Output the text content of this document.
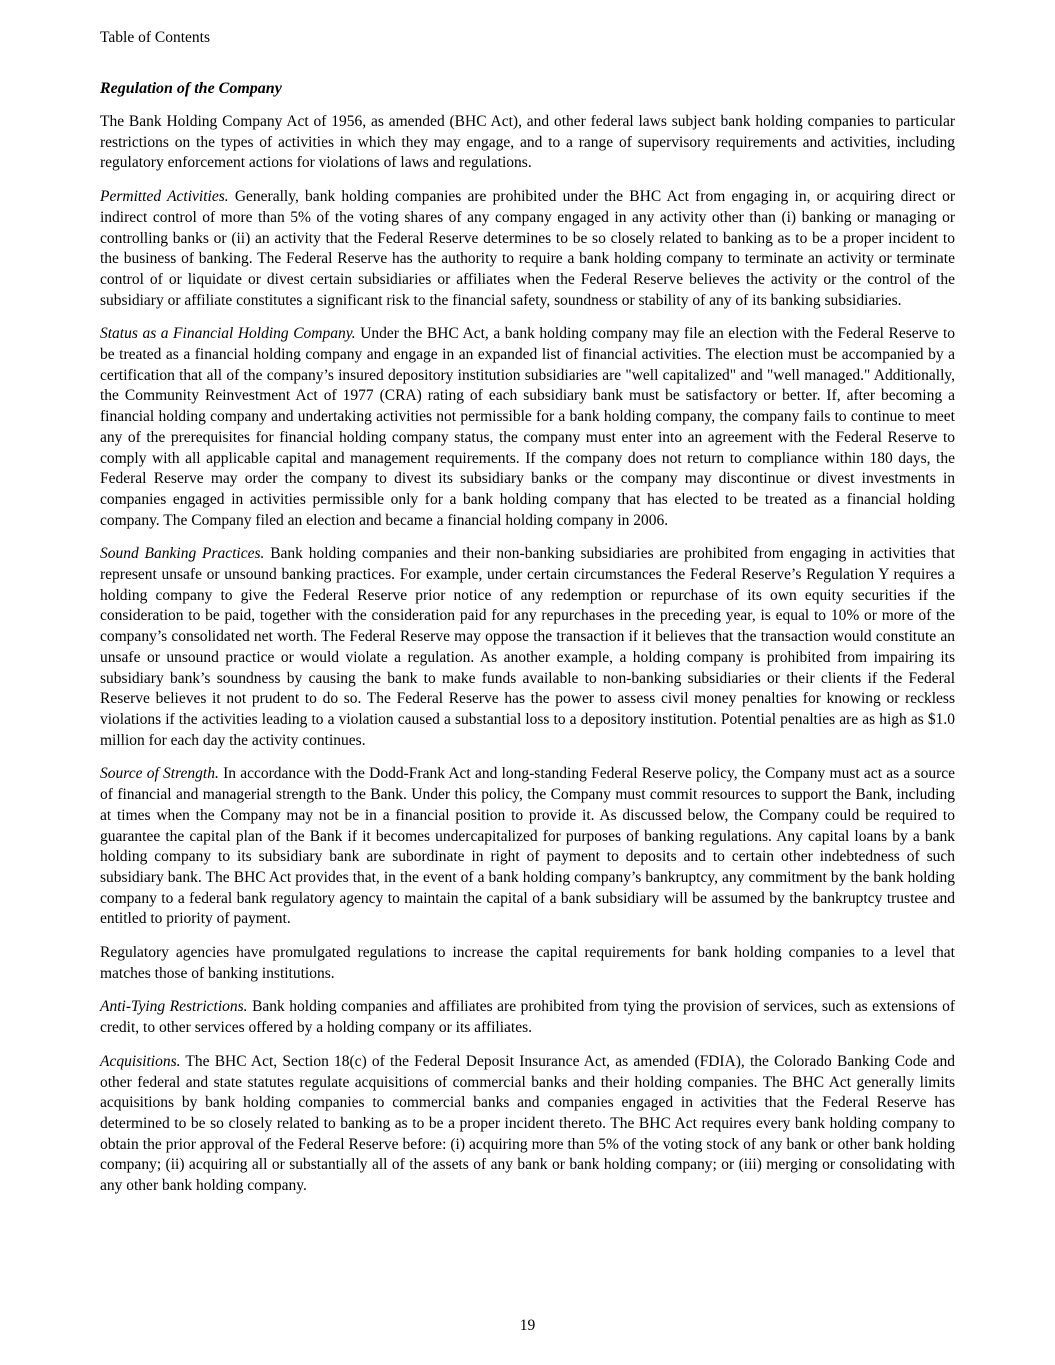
Table of Contents
Regulation of the Company

The Bank Holding Company Act of 1956, as amended (BHC Act), and other federal laws subject bank holding companies to particular restrictions on the types of activities in which they may engage, and to a range of supervisory requirements and activities, including regulatory enforcement actions for violations of laws and regulations.

Permitted Activities. Generally, bank holding companies are prohibited under the BHC Act from engaging in, or acquiring direct or indirect control of more than 5% of the voting shares of any company engaged in any activity other than (i) banking or managing or controlling banks or (ii) an activity that the Federal Reserve determines to be so closely related to banking as to be a proper incident to the business of banking. The Federal Reserve has the authority to require a bank holding company to terminate an activity or terminate control of or liquidate or divest certain subsidiaries or affiliates when the Federal Reserve believes the activity or the control of the subsidiary or affiliate constitutes a significant risk to the financial safety, soundness or stability of any of its banking subsidiaries.

Status as a Financial Holding Company. Under the BHC Act, a bank holding company may file an election with the Federal Reserve to be treated as a financial holding company and engage in an expanded list of financial activities. The election must be accompanied by a certification that all of the company’s insured depository institution subsidiaries are "well capitalized" and "well managed." Additionally, the Community Reinvestment Act of 1977 (CRA) rating of each subsidiary bank must be satisfactory or better. If, after becoming a financial holding company and undertaking activities not permissible for a bank holding company, the company fails to continue to meet any of the prerequisites for financial holding company status, the company must enter into an agreement with the Federal Reserve to comply with all applicable capital and management requirements. If the company does not return to compliance within 180 days, the Federal Reserve may order the company to divest its subsidiary banks or the company may discontinue or divest investments in companies engaged in activities permissible only for a bank holding company that has elected to be treated as a financial holding company. The Company filed an election and became a financial holding company in 2006.

Sound Banking Practices. Bank holding companies and their non-banking subsidiaries are prohibited from engaging in activities that represent unsafe or unsound banking practices. For example, under certain circumstances the Federal Reserve’s Regulation Y requires a holding company to give the Federal Reserve prior notice of any redemption or repurchase of its own equity securities if the consideration to be paid, together with the consideration paid for any repurchases in the preceding year, is equal to 10% or more of the company’s consolidated net worth. The Federal Reserve may oppose the transaction if it believes that the transaction would constitute an unsafe or unsound practice or would violate a regulation. As another example, a holding company is prohibited from impairing its subsidiary bank’s soundness by causing the bank to make funds available to non-banking subsidiaries or their clients if the Federal Reserve believes it not prudent to do so. The Federal Reserve has the power to assess civil money penalties for knowing or reckless violations if the activities leading to a violation caused a substantial loss to a depository institution. Potential penalties are as high as $1.0 million for each day the activity continues.

Source of Strength. In accordance with the Dodd-Frank Act and long-standing Federal Reserve policy, the Company must act as a source of financial and managerial strength to the Bank. Under this policy, the Company must commit resources to support the Bank, including at times when the Company may not be in a financial position to provide it. As discussed below, the Company could be required to guarantee the capital plan of the Bank if it becomes undercapitalized for purposes of banking regulations. Any capital loans by a bank holding company to its subsidiary bank are subordinate in right of payment to deposits and to certain other indebtedness of such subsidiary bank. The BHC Act provides that, in the event of a bank holding company’s bankruptcy, any commitment by the bank holding company to a federal bank regulatory agency to maintain the capital of a bank subsidiary will be assumed by the bankruptcy trustee and entitled to priority of payment.

Regulatory agencies have promulgated regulations to increase the capital requirements for bank holding companies to a level that matches those of banking institutions.

Anti-Tying Restrictions. Bank holding companies and affiliates are prohibited from tying the provision of services, such as extensions of credit, to other services offered by a holding company or its affiliates.

Acquisitions. The BHC Act, Section 18(c) of the Federal Deposit Insurance Act, as amended (FDIA), the Colorado Banking Code and other federal and state statutes regulate acquisitions of commercial banks and their holding companies. The BHC Act generally limits acquisitions by bank holding companies to commercial banks and companies engaged in activities that the Federal Reserve has determined to be so closely related to banking as to be a proper incident thereto. The BHC Act requires every bank holding company to obtain the prior approval of the Federal Reserve before: (i) acquiring more than 5% of the voting stock of any bank or other bank holding company; (ii) acquiring all or substantially all of the assets of any bank or bank holding company; or (iii) merging or consolidating with any other bank holding company.

19
